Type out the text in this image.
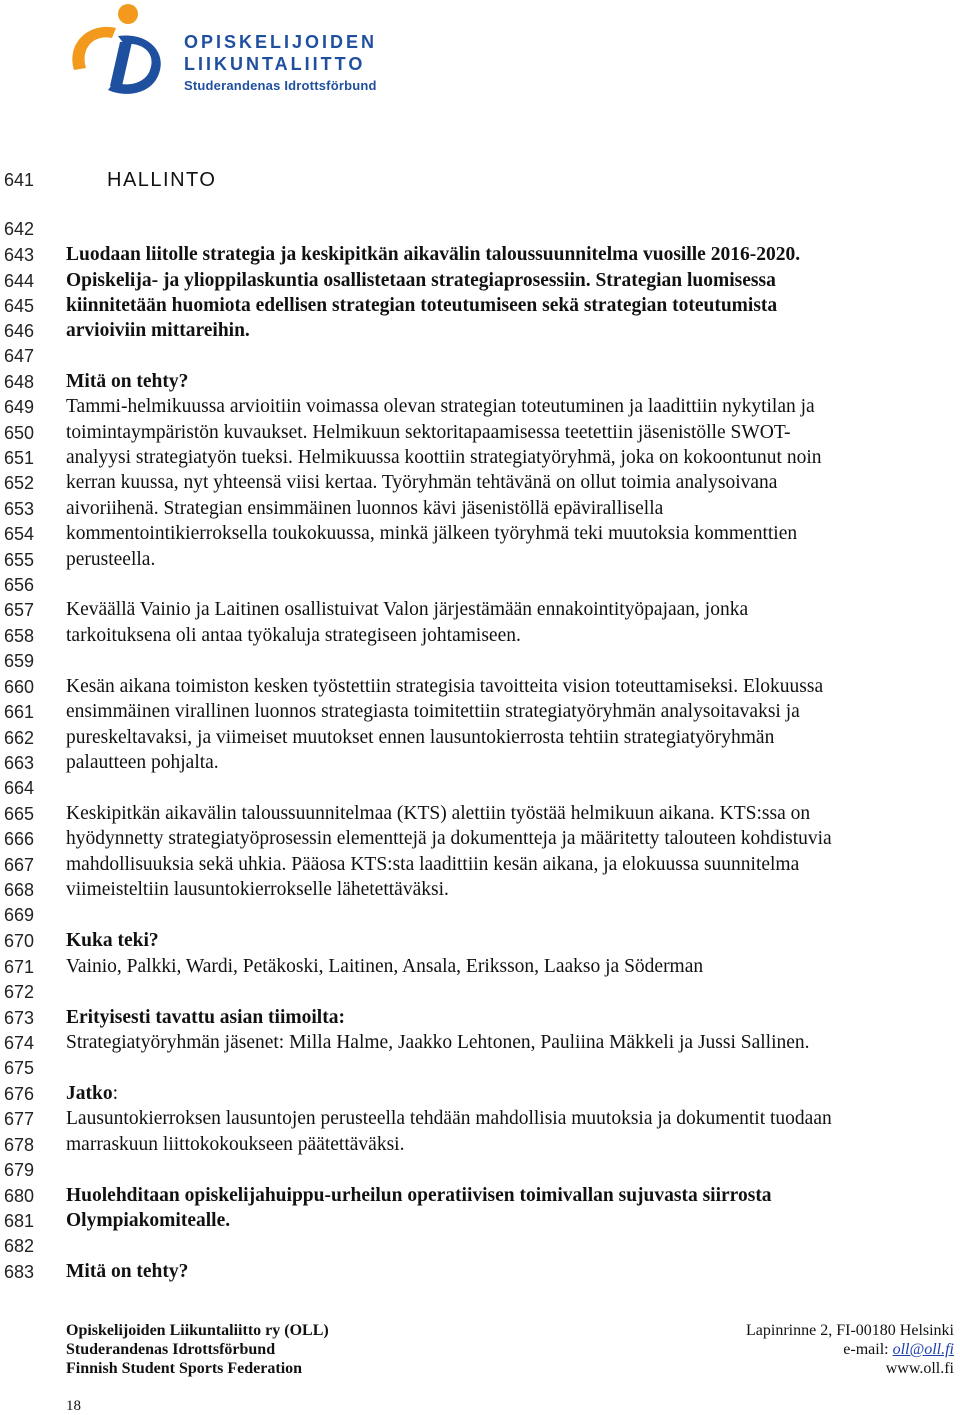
OPISKELIJOIDEN
LIIKUNTALIITTO
Studerandenas Idrottsförbund
641
642
643
644
645
646
647
648
649
650
651
652
653
654
655
656
657
658
659
660
661
662
663
664
665
666
667
668
669
670
671
672
673
674
675
676
677
678
679
680
681
682
683
HALLINTO
Luodaan liitolle strategia ja keskipitkän aikavälin taloussuunnitelma vuosille 2016-2020.
Opiskelija- ja ylioppilaskuntia osallistetaan strategiaprosessiin. Strategian luomisessa
kiinnitetään huomiota edellisen strategian toteutumiseen sekä strategian toteutumista
arvioiviin mittareihin.
Mitä on tehty?
Tammi-helmikuussa arvioitiin voimassa olevan strategian toteutuminen ja laadittiin nykytilan ja
toimintaympäristön kuvaukset. Helmikuun sektoritapaamisessa teetettiin jäsenistölle SWOT-
analyysi strategiatyön tueksi. Helmikuussa koottiin strategiatyöryhmä, joka on kokoontunut noin
kerran kuussa, nyt yhteensä viisi kertaa. Työryhmän tehtävänä on ollut toimia analysoivana
aivoriihenä. Strategian ensimmäinen luonnos kävi jäsenistöllä epävirallisella
kommentointikierroksella toukokuussa, minkä jälkeen työryhmä teki muutoksia kommenttien
perusteella.
Keväällä Vainio ja Laitinen osallistuivat Valon järjestämään ennakointityöpajaan, jonka
tarkoituksena oli antaa työkaluja strategiseen johtamiseen.
Kesän aikana toimiston kesken työstettiin strategisia tavoitteita vision toteuttamiseksi. Elokuussa
ensimmäinen virallinen luonnos strategiasta toimitettiin strategiatyöryhmän analysoitavaksi ja
pureskeltavaksi, ja viimeiset muutokset ennen lausuntokierrosta tehtiin strategiatyöryhmän
palautteen pohjalta.
Keskipitkän aikavälin taloussuunnitelmaa (KTS) alettiin työstää helmikuun aikana. KTS:ssa on
hyödynnetty strategiatyöprosessin elementtejä ja dokumentteja ja määritetty talouteen kohdistuvia
mahdollisuuksia sekä uhkia. Pääosa KTS:sta laadittiin kesän aikana, ja elokuussa suunnitelma
viimeisteltiin lausuntokierrokselle lähetettäväksi.
Kuka teki?
Vainio, Palkki, Wardi, Petäkoski, Laitinen, Ansala, Eriksson, Laakso ja Söderman
Erityisesti tavattu asian tiimoilta:
Strategiatyöryhmän jäsenet: Milla Halme, Jaakko Lehtonen, Pauliina Mäkkeli ja Jussi Sallinen.
Jatko:
Lausuntokierroksen lausuntojen perusteella tehdään mahdollisia muutoksia ja dokumentit tuodaan
marraskuun liittokokoukseen päätettäväksi.
Huolehditaan opiskelijahuippu-urheilun operatiivisen toimivallan sujuvasta siirrosta
Olympiakomitealle.
Mitä on tehty?
Opiskelijoiden Liikuntaliitto ry (OLL)
Studerandenas Idrottsförbund
Finnish Student Sports Federation
Lapinrinne 2, FI-00180 Helsinki
e-mail: oll@oll.fi
www.oll.fi
18
